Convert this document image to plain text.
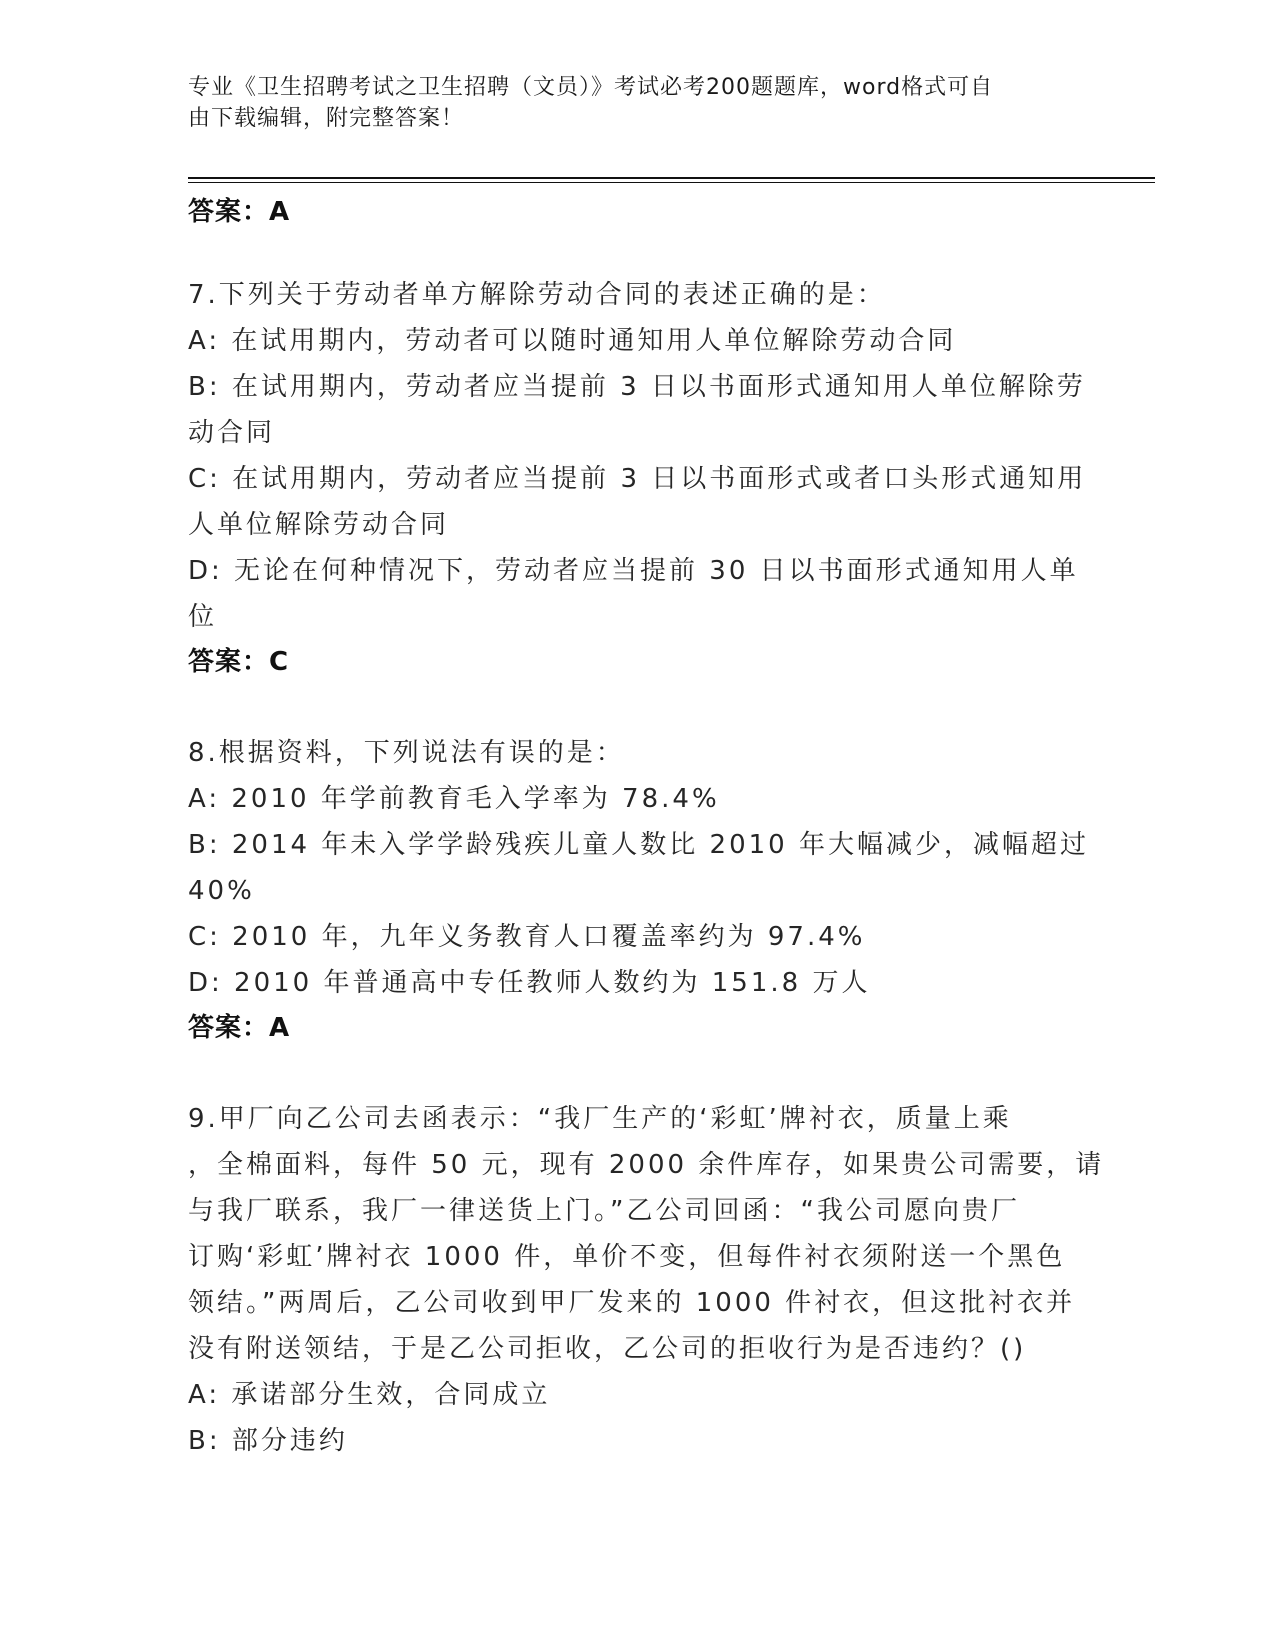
专业《卫生招聘考试之卫生招聘（文员）》考试必考200题题库，word格式可自
由下载编辑，附完整答案！
答案：A
7.下列关于劳动者单方解除劳动合同的表述正确的是：
A: 在试用期内，劳动者可以随时通知用人单位解除劳动合同
B: 在试用期内，劳动者应当提前 3 日以书面形式通知用人单位解除劳
动合同
C: 在试用期内，劳动者应当提前 3 日以书面形式或者口头形式通知用
人单位解除劳动合同
D: 无论在何种情况下，劳动者应当提前 30 日以书面形式通知用人单
位
答案：C
8.根据资料，下列说法有误的是：
A: 2010 年学前教育毛入学率为 78.4%
B: 2014 年未入学学龄残疾儿童人数比 2010 年大幅减少，减幅超过
40%
C: 2010 年，九年义务教育人口覆盖率约为 97.4%
D: 2010 年普通高中专任教师人数约为 151.8 万人
答案：A
9.甲厂向乙公司去函表示：“我厂生产的‘彩虹’牌衬衣，质量上乘
，全棉面料，每件 50 元，现有 2000 余件库存，如果贵公司需要，请
与我厂联系，我厂一律送货上门。”乙公司回函：“我公司愿向贵厂
订购‘彩虹’牌衬衣 1000 件，单价不变，但每件衬衣须附送一个黑色
领结。”两周后，乙公司收到甲厂发来的 1000 件衬衣，但这批衬衣并
没有附送领结，于是乙公司拒收，乙公司的拒收行为是否违约？()
A: 承诺部分生效，合同成立
B: 部分违约
